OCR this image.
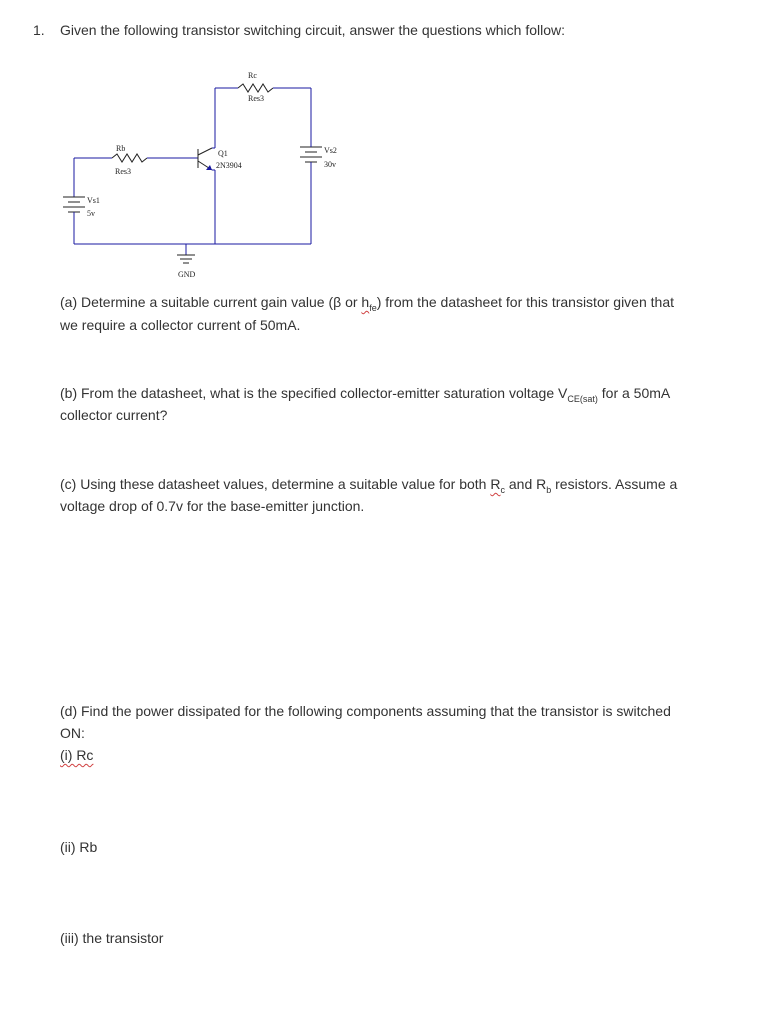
1. Given the following transistor switching circuit, answer the questions which follow:
Rc
Res3
Vs2
30v
Rb
Res3
Q1
2N3904
Vs1
5v
GND
(a) Determine a suitable current gain value (β or $h_{fe}$) from the datasheet for this transistor given that
we require a collector current of 50mA.
(b) From the datasheet, what is the specified collector-emitter saturation voltage $V_{CE(sat)}$ for a 50mA
collector current?
(c) Using these datasheet values, determine a suitable value for both $R_c$ and $R_b$ resistors. Assume a
voltage drop of 0.7v for the base-emitter junction.
(d) Find the power dissipated for the following components assuming that the transistor is switched
ON:
(i) Rc
(ii) Rb
(iii) the transistor
